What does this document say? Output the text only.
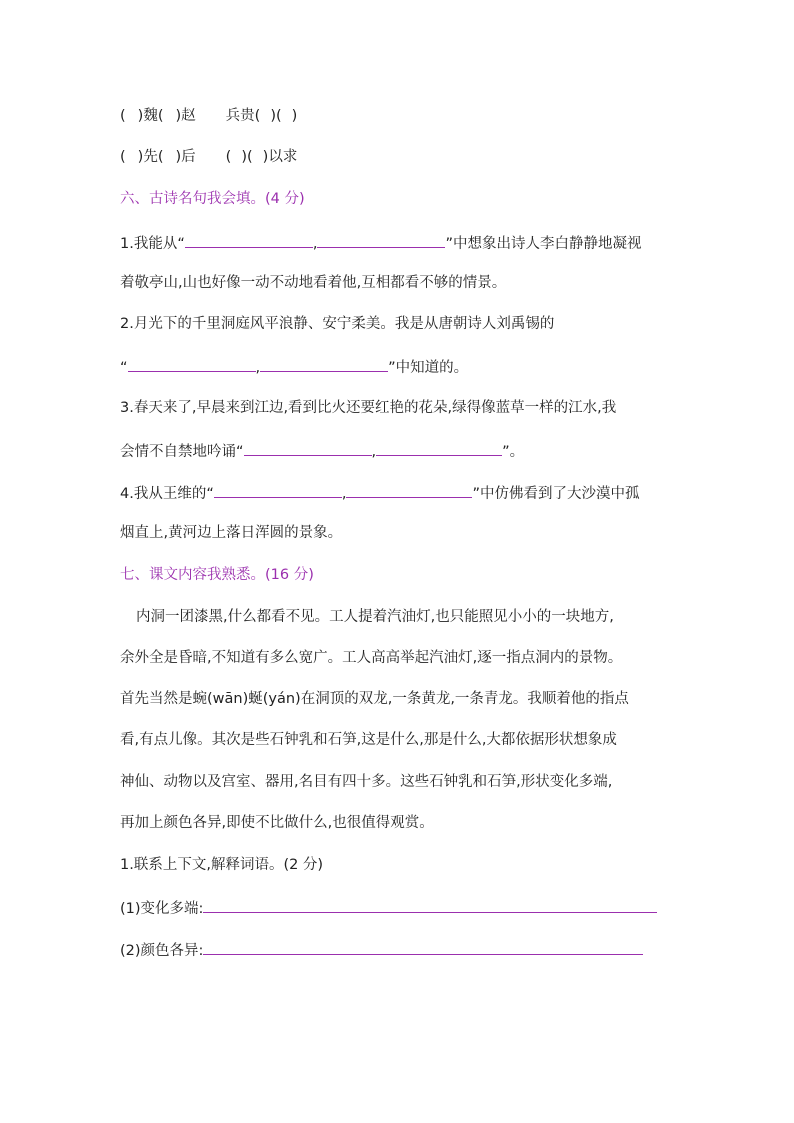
( )魏( )赵 兵贵( )( )
( )先( )后 ( )( )以求
六、古诗名句我会填。(4 分)
1.我能从“	,	”中想象出诗人李白静静地凝视
着敬亭山,山也好像一动不动地看着他,互相都看不够的情景。
2.月光下的千里洞庭风平浪静、安宁柔美。我是从唐朝诗人刘禹锡的
“	,	”中知道的。
3.春天来了,早晨来到江边,看到比火还要红艳的花朵,绿得像蓝草一样的江水,我
会情不自禁地吟诵“	,	”。
4.我从王维的“	,	”中仿佛看到了大沙漠中孤
烟直上,黄河边上落日浑圆的景象。
七、课文内容我熟悉。(16 分)
内洞一团漆黑,什么都看不见。工人提着汽油灯,也只能照见小小的一块地方,
余外全是昏暗,不知道有多么宽广。工人高高举起汽油灯,逐一指点洞内的景物。
首先当然是蜿(wān)蜒(yán)在洞顶的双龙,一条黄龙,一条青龙。我顺着他的指点
看,有点儿像。其次是些石钟乳和石笋,这是什么,那是什么,大都依据形状想象成
神仙、动物以及宫室、器用,名目有四十多。这些石钟乳和石笋,形状变化多端,
再加上颜色各异,即使不比做什么,也很值得观赏。
1.联系上下文,解释词语。(2 分)
(1)变化多端:
(2)颜色各异:
